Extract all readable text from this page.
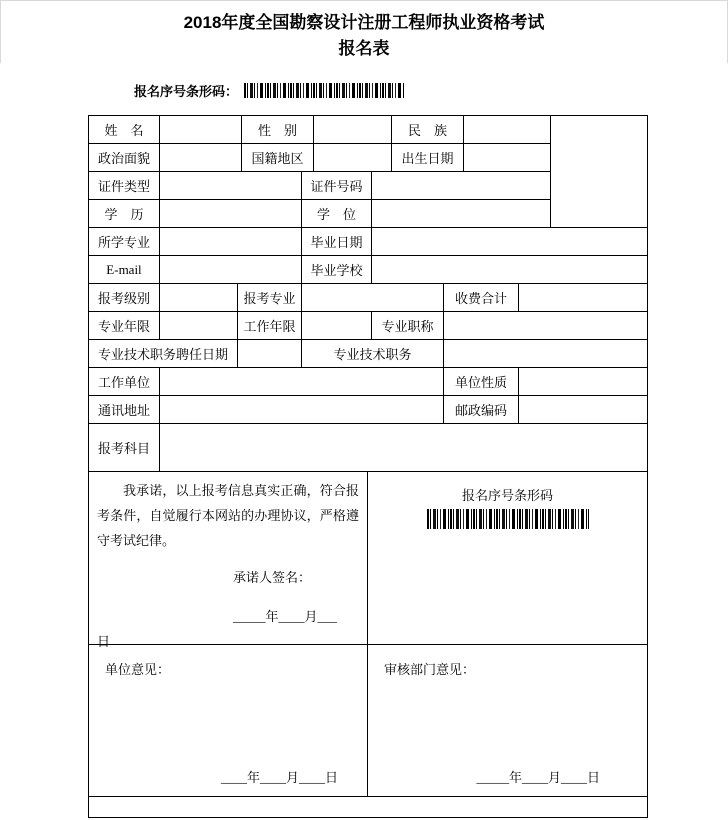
2018年度全国勘察设计注册工程师执业资格考试
报名表
报名序号条形码：
姓　名	性　别	民　族
政治面貌	国籍地区	出生日期
证件类型	证件号码
学　历	学　位
所学专业	毕业日期
E-mail	毕业学校
报考级别	报考专业	收费合计
专业年限	工作年限	专业职称
专业技术职务聘任日期	专业技术职务
工作单位	单位性质
通讯地址	邮政编码
报考科目

我承诺，以上报考信息真实正确，符合报考条件，自觉履行本网站的办理协议，严格遵守考试纪律。

承诺人签名：
_____年____月___
日
报名序号条形码
单位意见：
____年____月____日
审核部门意见：
_____年____月____日
